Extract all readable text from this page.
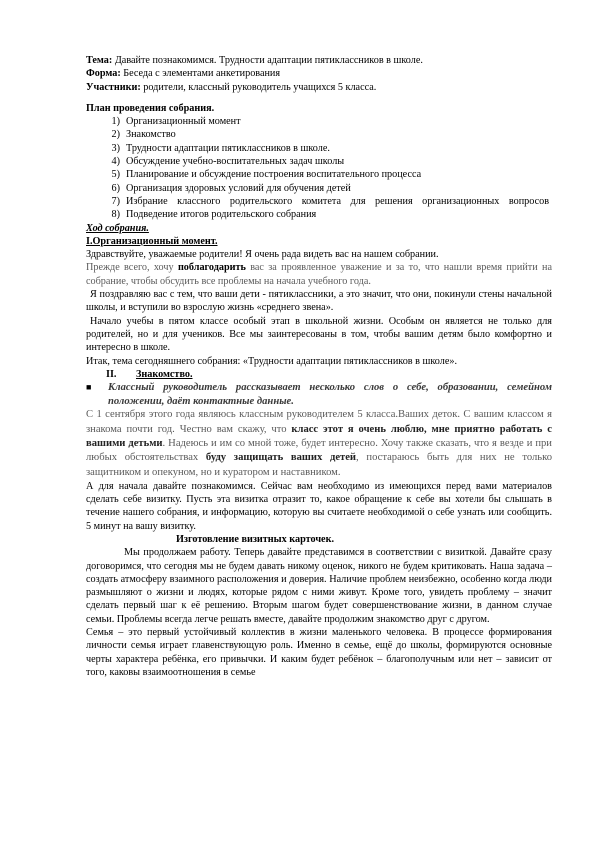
Тема: Давайте познакомимся. Трудности адаптации пятиклассников в школе.

Форма: Беседа с элементами анкетирования

Участники: родители, классный руководитель учащихся 5 класса.

План проведения собрания.

1) Организационный момент
2) Знакомство
3) Трудности адаптации пятиклассников в школе.
4) Обсуждение учебно-воспитательных задач школы
5) Планирование и обсуждение построения воспитательного процесса
6) Организация здоровых условий для обучения детей
7) Избрание классного родительского комитета для решения организационных вопросов
8) Подведение итогов родительского собрания

Ход собрания.

I.Организационный момент.

Здравствуйте, уважаемые родители! Я очень рада видеть вас на нашем собрании.

Прежде всего, хочу поблагодарить вас за проявленное уважение и за то, что нашли время прийти на собрание, чтобы обсудить все проблемы на начала учебного года.

Я поздравляю вас с тем, что ваши дети - пятиклассники, а это значит, что они, покинули стены начальной школы, и вступили во взрослую жизнь «среднего звена».

Начало учебы в пятом классе особый этап в школьной жизни. Особым он является не только для родителей, но и для учеников. Все мы заинтересованы в том, чтобы вашим детям было комфортно и интересно в школе.

Итак, тема сегодняшнего собрания: «Трудности адаптации пятиклассников в школе».

II.	Знакомство.

■	Классный руководитель рассказывает несколько слов о себе, образовании, семейном положении, даёт контактные данные.

С 1 сентября этого года являюсь классным руководителем 5 класса.Ваших деток. С вашим классом я знакома почти год. Честно вам скажу, что класс этот я очень люблю, мне приятно работать с вашими детьми. Надеюсь и им со мной тоже, будет интересно. Хочу также сказать, что я везде и при любых обстоятельствах буду защищать ваших детей, постараюсь быть для них не только защитником и опекуном, но и куратором и наставником.

А для начала давайте познакомимся. Сейчас вам необходимо из имеющихся перед вами материалов сделать себе визитку. Пусть эта визитка отразит то, какое обращение к себе вы хотели бы слышать в течение нашего собрания, и информацию, которую вы считаете необходимой о себе узнать или сообщить. 5 минут на вашу визитку.

Изготовление визитных карточек.

Мы продолжаем работу. Теперь давайте представимся в соответствии с визиткой. Давайте сразу договоримся, что сегодня мы не будем давать никому оценок, никого не будем критиковать. Наша задача – создать атмосферу взаимного расположения и доверия. Наличие проблем неизбежно, особенно когда люди размышляют о жизни и людях, которые рядом с ними живут. Кроме того, увидеть проблему – значит сделать первый шаг к её решению. Вторым шагом будет совершенствование жизни, в данном случае семьи. Проблемы всегда легче решать вместе, давайте продолжим знакомство друг с другом.

Семья – это первый устойчивый коллектив в жизни маленького человека. В процессе формирования личности семья играет главенствующую роль. Именно в семье, ещё до школы, формируются основные черты характера ребёнка, его привычки. И каким будет ребёнок – благополучным или нет – зависит от того, каковы взаимоотношения в семье
